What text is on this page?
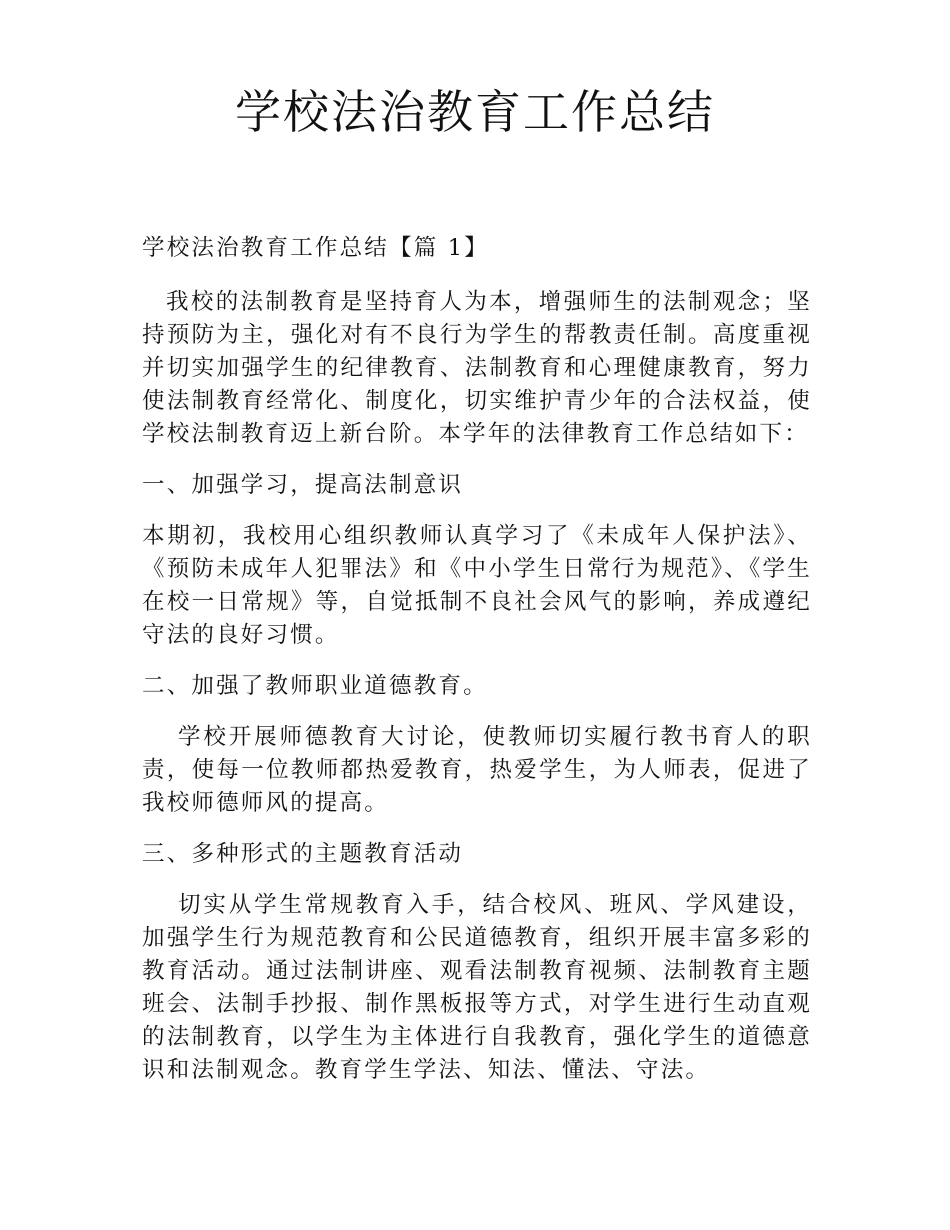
学校法治教育工作总结

学校法治教育工作总结【篇 1】

我校的法制教育是坚持育人为本，增强师生的法制观念；坚持预防为主，强化对有不良行为学生的帮教责任制。高度重视并切实加强学生的纪律教育、法制教育和心理健康教育，努力使法制教育经常化、制度化，切实维护青少年的合法权益，使学校法制教育迈上新台阶。本学年的法律教育工作总结如下：

一、加强学习，提高法制意识

本期初，我校用心组织教师认真学习了《未成年人保护法》、《预防未成年人犯罪法》和《中小学生日常行为规范》、《学生在校一日常规》等，自觉抵制不良社会风气的影响，养成遵纪守法的良好习惯。

二、加强了教师职业道德教育。

学校开展师德教育大讨论，使教师切实履行教书育人的职责，使每一位教师都热爱教育，热爱学生，为人师表，促进了我校师德师风的提高。

三、多种形式的主题教育活动

切实从学生常规教育入手，结合校风、班风、学风建设，加强学生行为规范教育和公民道德教育，组织开展丰富多彩的教育活动。通过法制讲座、观看法制教育视频、法制教育主题班会、法制手抄报、制作黑板报等方式，对学生进行生动直观的法制教育，以学生为主体进行自我教育，强化学生的道德意识和法制观念。教育学生学法、知法、懂法、守法。
